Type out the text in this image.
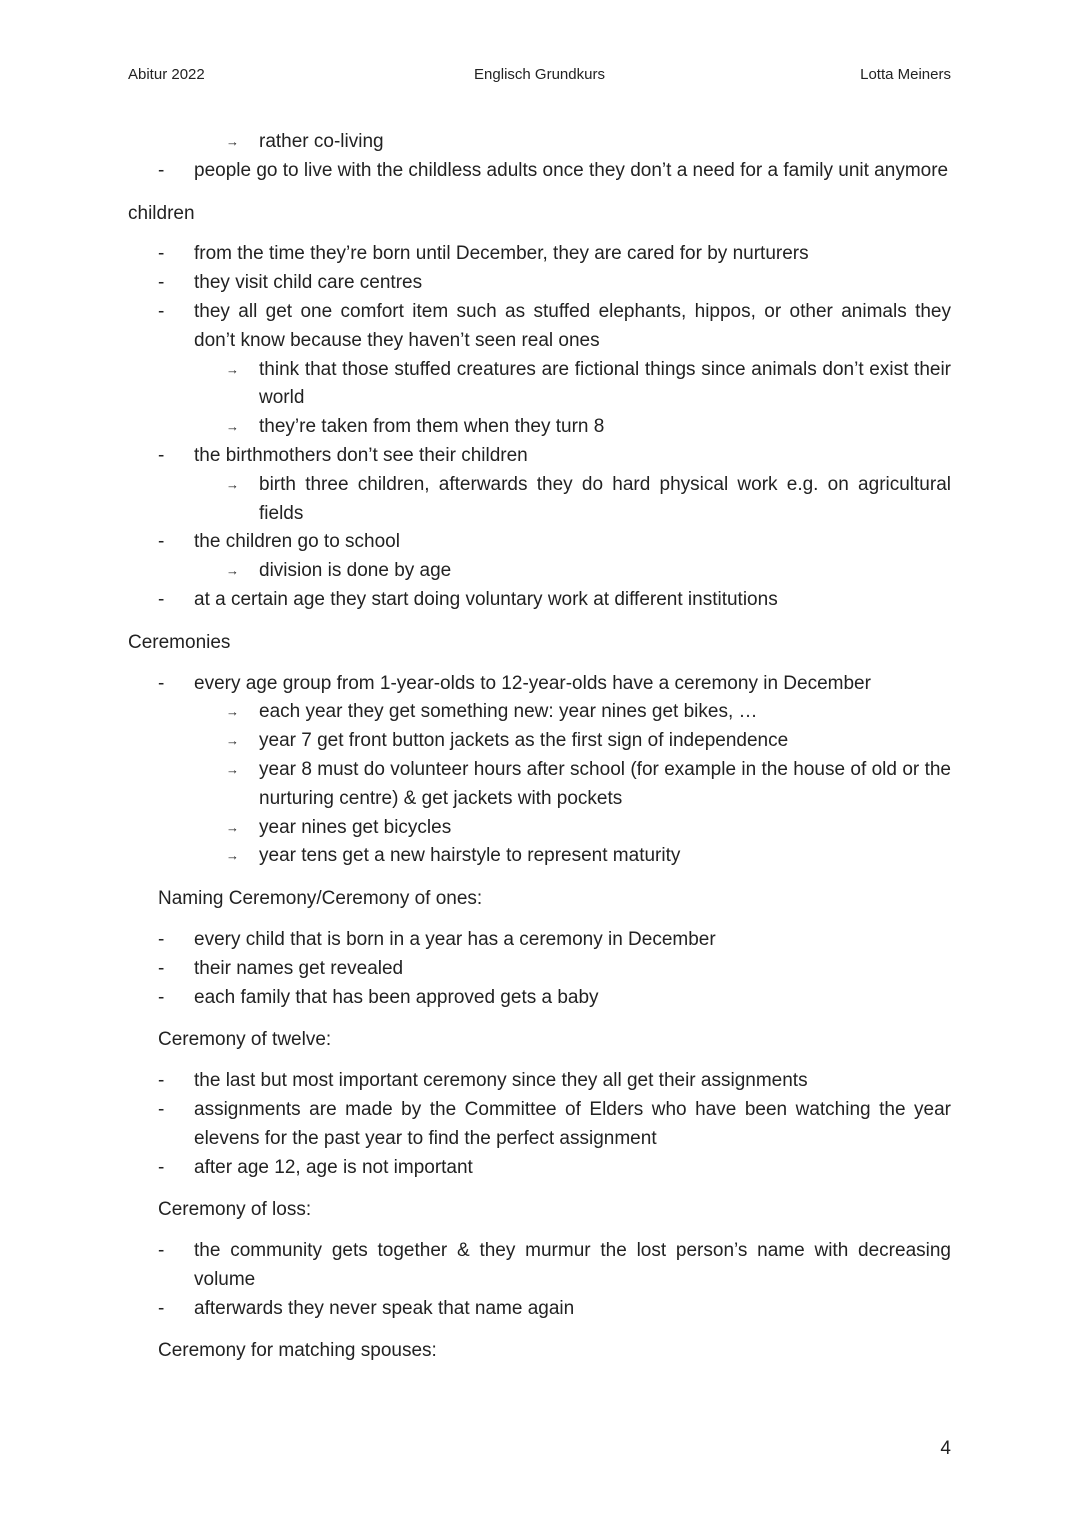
Abitur 2022	Englisch Grundkurs	Lotta Meiners
→ rather co-living
- people go to live with the childless adults once they don’t a need for a family unit anymore
children
- from the time they’re born until December, they are cared for by nurturers
- they visit child care centres
- they all get one comfort item such as stuffed elephants, hippos, or other animals they don’t know because they haven’t seen real ones
→ think that those stuffed creatures are fictional things since animals don’t exist their world
→ they’re taken from them when they turn 8
- the birthmothers don’t see their children
→ birth three children, afterwards they do hard physical work e.g. on agricultural fields
- the children go to school
→ division is done by age
- at a certain age they start doing voluntary work at different institutions
Ceremonies
- every age group from 1-year-olds to 12-year-olds have a ceremony in December
→ each year they get something new: year nines get bikes, …
→ year 7 get front button jackets as the first sign of independence
→ year 8 must do volunteer hours after school (for example in the house of old or the nurturing centre) & get jackets with pockets
→ year nines get bicycles
→ year tens get a new hairstyle to represent maturity
Naming Ceremony/Ceremony of ones:
- every child that is born in a year has a ceremony in December
- their names get revealed
- each family that has been approved gets a baby
Ceremony of twelve:
- the last but most important ceremony since they all get their assignments
- assignments are made by the Committee of Elders who have been watching the year elevens for the past year to find the perfect assignment
- after age 12, age is not important
Ceremony of loss:
- the community gets together & they murmur the lost person’s name with decreasing volume
- afterwards they never speak that name again
Ceremony for matching spouses:
4
